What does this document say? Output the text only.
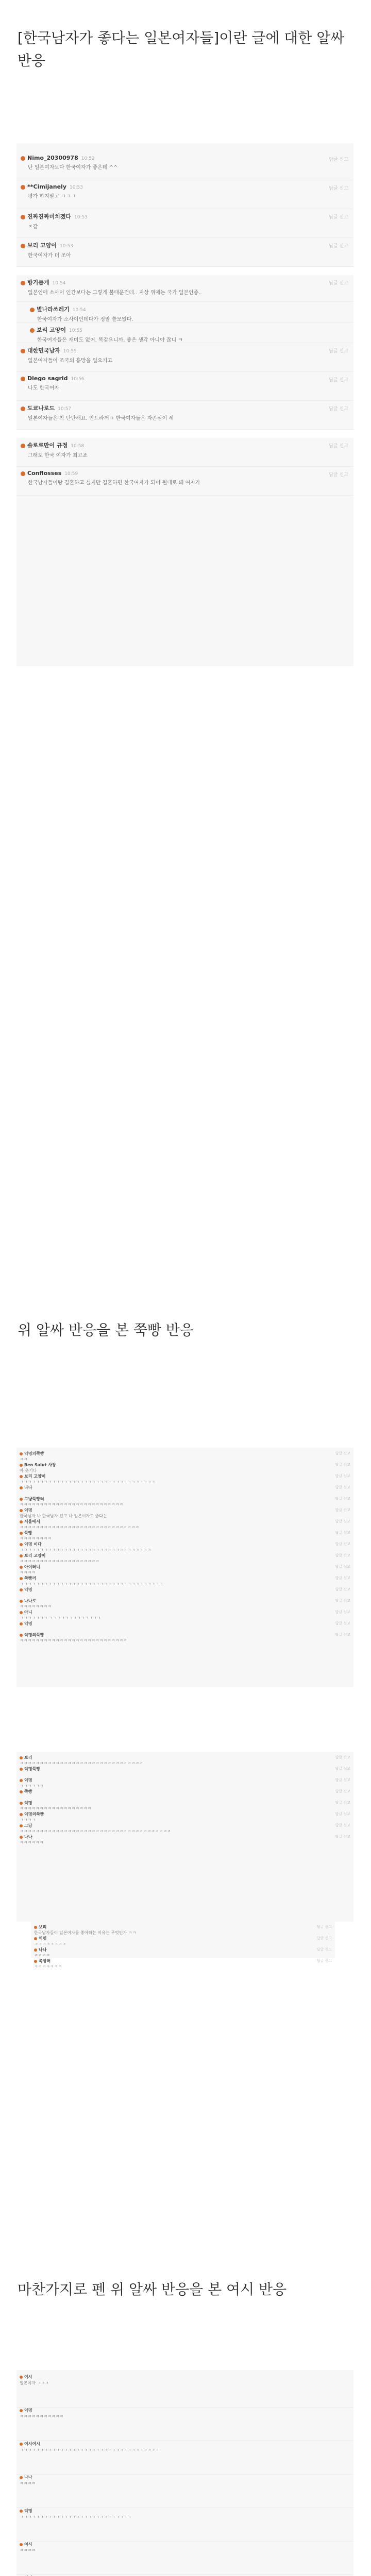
[한국남자가 좋다는 일본여자들]이란 글에 대한 알싸 반응
Nimo_20300978 10:52	답글 신고
난 일본여자보다 한국여자가 좋은데 ^^
**Cimijanely 10:53	답글 신고
평가 하지말고 ㅋㅋㅋ
진짜진짜미치겠다 10:53	답글 신고
ㅈ같
보리 고양이 10:53	답글 신고
한국여자가 더 조아
향기롭게 10:54	답글 신고
일본인에 소사이 인간보다는 그렇게 불태운건데.. 지상 위에는 국가 일본인종..
별나라쓰레기 10:54
한국여자가 소사이인데다가 정말 쓸모없다.
보리 고양이 10:55
한국여자들은 재미도 없어. 똑같으니까, 좋은 생각 아니야 잖니 ㅋ
대한민국남자 10:55	답글 신고
일본여자들이 조국의 흥망을 일으키고
Diego sagrid 10:56	답글 신고
나도 한국여자
도쿄나로드 10:57	답글 신고
일본여자들은 착 단단해요. 안드라꺼ㅋ 한국여자들은 자존심이 세
솔로로만이 규정 10:58	답글 신고
그래도 한국 여자가 최고죠
Conflosses 10:59	답글 신고
한국남자들이랑 결혼하고 싶지만 결혼하면 한국여자가 되어 될대로 돼 여자가
위 알싸 반응을 본 쭉빵 반응
익명의쭉빵
ㅋㅋ
답글 신고
Ben Salut 사장
아 웃기다
답글 신고
보리 고양이
ㅋㅋㅋㅋㅋㅋㅋㅋㅋㅋㅋㅋㅋㅋㅋㅋㅋㅋㅋㅋㅋㅋㅋㅋㅋㅋㅋㅋㅋㅋㅋㅋㅋㅋ
답글 신고
나나	답글 신고
그냥쭉빵러
ㅋㅋㅋㅋㅋㅋㅋㅋㅋㅋㅋㅋㅋㅋㅋㅋㅋㅋㅋㅋㅋㅋㅋㅋㅋㅋ
답글 신고
익명
한국남자 나 한국남자 있고 나 일본여자도 좋다는
답글 신고
서울에서
ㅋㅋㅋㅋㅋㅋㅋㅋㅋㅋㅋㅋㅋㅋㅋㅋㅋㅋㅋㅋㅋㅋㅋㅋㅋㅋㅋㅋㅋㅋ
답글 신고
쭉빵
ㅋㅋㅋㅋㅋㅋㅋㅋ
답글 신고
익명 이다
ㅋㅋㅋㅋㅋㅋㅋㅋㅋㅋㅋㅋㅋㅋㅋㅋㅋㅋㅋㅋㅋㅋㅋㅋㅋㅋㅋㅋㅋㅋㅋㅋㅋ
답글 신고
보리 고양이
ㅋㅋㅋㅋㅋㅋㅋㅋㅋㅋㅋㅋㅋㅋㅋㅋㅋㅋㅋㅋ
답글 신고
아이러니
ㅋㅋㅋㅋ
답글 신고
쭉빵러
ㅋㅋㅋㅋㅋㅋㅋㅋㅋㅋㅋㅋㅋㅋㅋㅋㅋㅋㅋㅋㅋㅋㅋㅋㅋㅋㅋㅋㅋㅋㅋㅋㅋㅋㅋㅋ
답글 신고
익명	답글 신고
나나로
ㅋㅋㅋㅋㅋㅋㅋㅋ
답글 신고
아니
ㅋㅋㅋㅋㅋㅋㅋ ㅋㅋㅋㅋㅋㅋㅋㅋㅋㅋㅋㅋㅋ
답글 신고
익명	답글 신고
익명의쭉빵
ㅋㅋㅋㅋㅋㅋㅋㅋㅋㅋㅋㅋㅋㅋㅋㅋㅋㅋㅋㅋㅋㅋㅋㅋㅋㅋㅋ
답글 신고
보리
ㅋㅋㅋㅋㅋㅋㅋㅋㅋㅋㅋㅋㅋㅋㅋㅋㅋㅋㅋㅋㅋㅋㅋㅋㅋㅋㅋㅋㅋㅋㅋ
답글 신고
익명쭉빵	답글 신고
익명
ㅋㅋㅋㅋㅋㅋ
답글 신고
쭉빵	답글 신고
익명
ㅋㅋㅋㅋㅋㅋㅋㅋㅋㅋㅋㅋㅋㅋㅋㅋㅋㅋ
답글 신고
익명의쭉빵
ㅋㅋㅋㅋ
답글 신고
그냥
ㅋㅋㅋㅋㅋㅋㅋㅋㅋㅋㅋㅋㅋㅋㅋㅋㅋㅋㅋㅋㅋㅋㅋㅋㅋㅋㅋㅋㅋㅋㅋㅋㅋㅋㅋㅋㅋㅋ
답글 신고
나나
ㅋㅋㅋㅋㅋㅋ
답글 신고
보리
한국남자들이 일본여자를 좋아하는 이유는 무엇인가 ㅋㅋ
답글 신고
익명
ㅋㅋㅋㅋㅋㅋㅋㅋ
답글 신고
나나
ㅋㅋㅋㅋ
답글 신고
쭉빵러
ㅋㅋㅋㅋㅋㅋㅋ
답글 신고
마찬가지로 펜 위 알싸 반응을 본 여시 반응
여시
일본여자 ㅋㅋㅋ
익명
ㅋㅋㅋㅋㅋㅋㅋㅋㅋㅋㅋ
여시여시
ㅋㅋㅋㅋㅋㅋㅋㅋㅋㅋㅋㅋㅋㅋㅋㅋㅋㅋㅋㅋㅋㅋㅋㅋㅋㅋㅋㅋㅋㅋㅋㅋㅋㅋㅋ
나나
ㅋㅋㅋㅋ
익명
ㅋㅋㅋㅋㅋㅋㅋㅋㅋㅋㅋㅋㅋㅋㅋㅋㅋㅋㅋㅋㅋㅋㅋㅋㅋㅋㅋㅋ
여시
ㅋㅋㅋㅋ
